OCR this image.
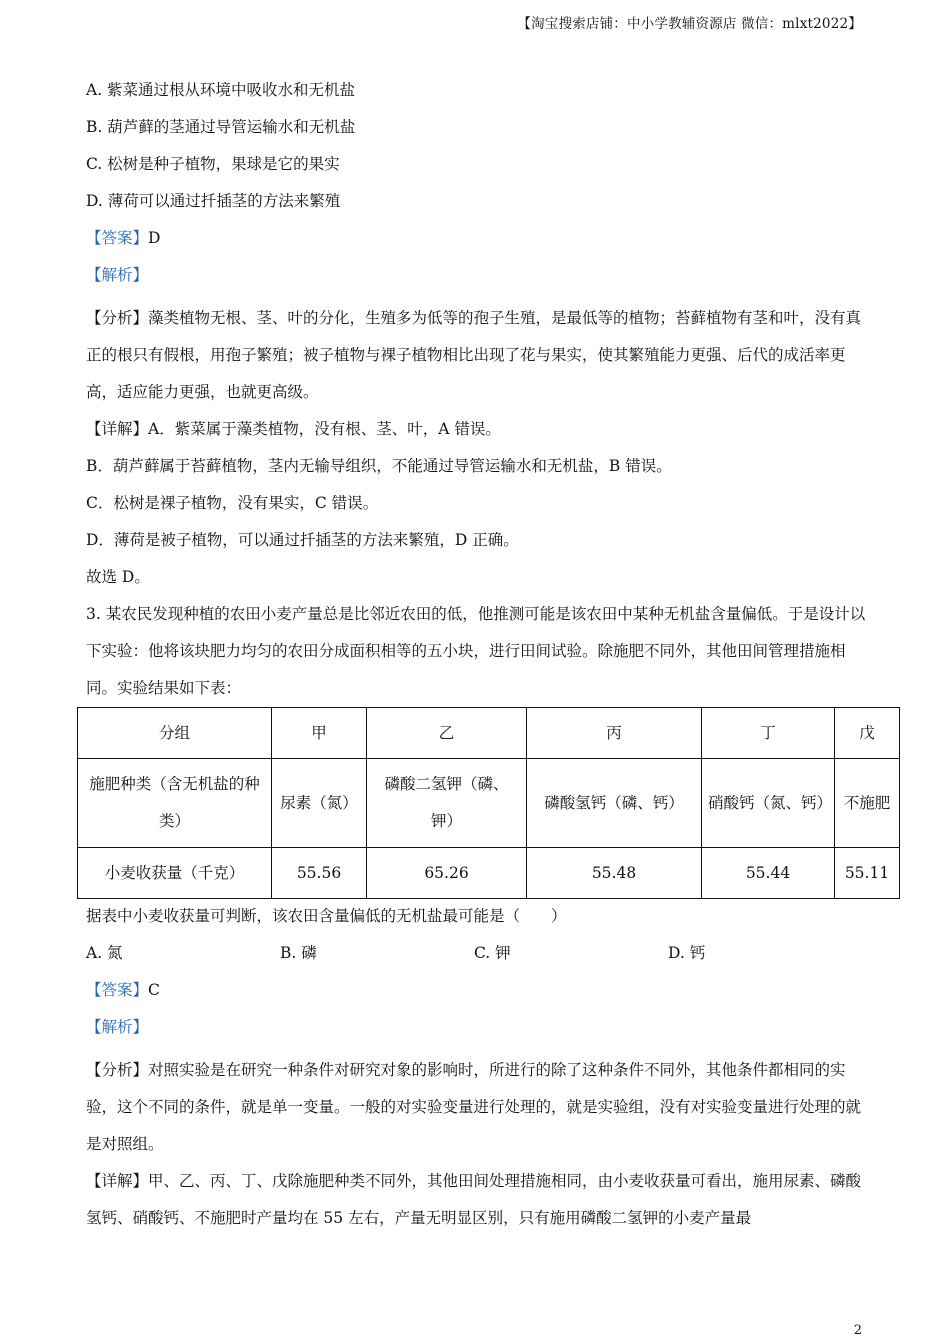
【淘宝搜索店铺：中小学教辅资源店 微信：mlxt2022】
A. 紫菜通过根从环境中吸收水和无机盐
B. 葫芦藓的茎通过导管运输水和无机盐
C. 松树是种子植物，果球是它的果实
D. 薄荷可以通过扦插茎的方法来繁殖
【答案】D
【解析】

【分析】藻类植物无根、茎、叶的分化，生殖多为低等的孢子生殖，是最低等的植物；苔藓植物有茎和叶，没有真正的根只有假根，用孢子繁殖；被子植物与裸子植物相比出现了花与果实，使其繁殖能力更强、后代的成活率更高，适应能力更强，也就更高级。

【详解】A．紫菜属于藻类植物，没有根、茎、叶，A 错误。

B．葫芦藓属于苔藓植物，茎内无输导组织，不能通过导管运输水和无机盐，B 错误。

C．松树是裸子植物，没有果实，C 错误。

D．薄荷是被子植物，可以通过扦插茎的方法来繁殖，D 正确。

故选 D。

3. 某农民发现种植的农田小麦产量总是比邻近农田的低，他推测可能是该农田中某种无机盐含量偏低。于是设计以下实验：他将该块肥力均匀的农田分成面积相等的五小块，进行田间试验。除施肥不同外，其他田间管理措施相同。实验结果如下表：

分组	甲	乙	丙	丁	戊
施肥种类（含无机盐的种类）	尿素（氮）	磷酸二氢钾（磷、钾）	磷酸氢钙（磷、钙）	硝酸钙（氮、钙）	不施肥
小麦收获量（千克）	55.56	65.26	55.48	55.44	55.11
据表中小麦收获量可判断，该农田含量偏低的无机盐最可能是（　　）
A. 氮	B. 磷	C. 钾	D. 钙
【答案】C
【解析】

【分析】对照实验是在研究一种条件对研究对象的影响时，所进行的除了这种条件不同外，其他条件都相同的实验，这个不同的条件，就是单一变量。一般的对实验变量进行处理的，就是实验组，没有对实验变量进行处理的就是对照组。

【详解】甲、乙、丙、丁、戊除施肥种类不同外，其他田间处理措施相同，由小麦收获量可看出，施用尿素、磷酸氢钙、硝酸钙、不施肥时产量均在 55 左右，产量无明显区别，只有施用磷酸二氢钾的小麦产量最

2
